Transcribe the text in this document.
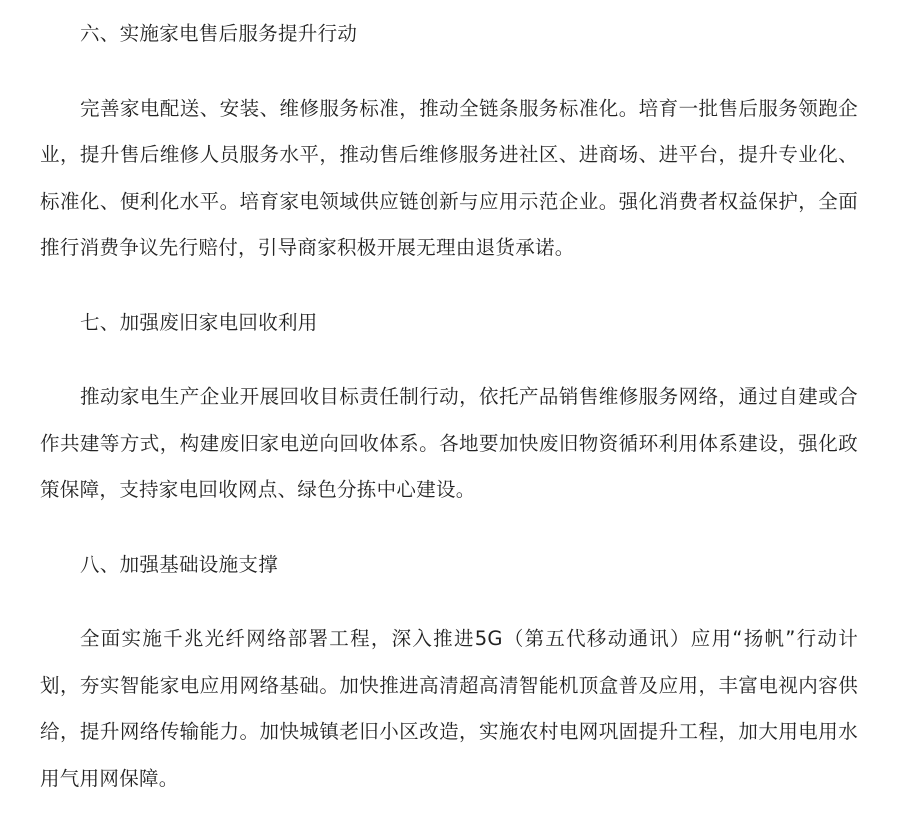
六、实施家电售后服务提升行动

完善家电配送、安装、维修服务标准，推动全链条服务标准化。培育一批售后服务领跑企业，提升售后维修人员服务水平，推动售后维修服务进社区、进商场、进平台，提升专业化、标准化、便利化水平。培育家电领域供应链创新与应用示范企业。强化消费者权益保护，全面推行消费争议先行赔付，引导商家积极开展无理由退货承诺。

七、加强废旧家电回收利用

推动家电生产企业开展回收目标责任制行动，依托产品销售维修服务网络，通过自建或合作共建等方式，构建废旧家电逆向回收体系。各地要加快废旧物资循环利用体系建设，强化政策保障，支持家电回收网点、绿色分拣中心建设。

八、加强基础设施支撑

全面实施千兆光纤网络部署工程，深入推进5G（第五代移动通讯）应用“扬帆”行动计划，夯实智能家电应用网络基础。加快推进高清超高清智能机顶盒普及应用，丰富电视内容供给，提升网络传输能力。加快城镇老旧小区改造，实施农村电网巩固提升工程，加大用电用水用气用网保障。
